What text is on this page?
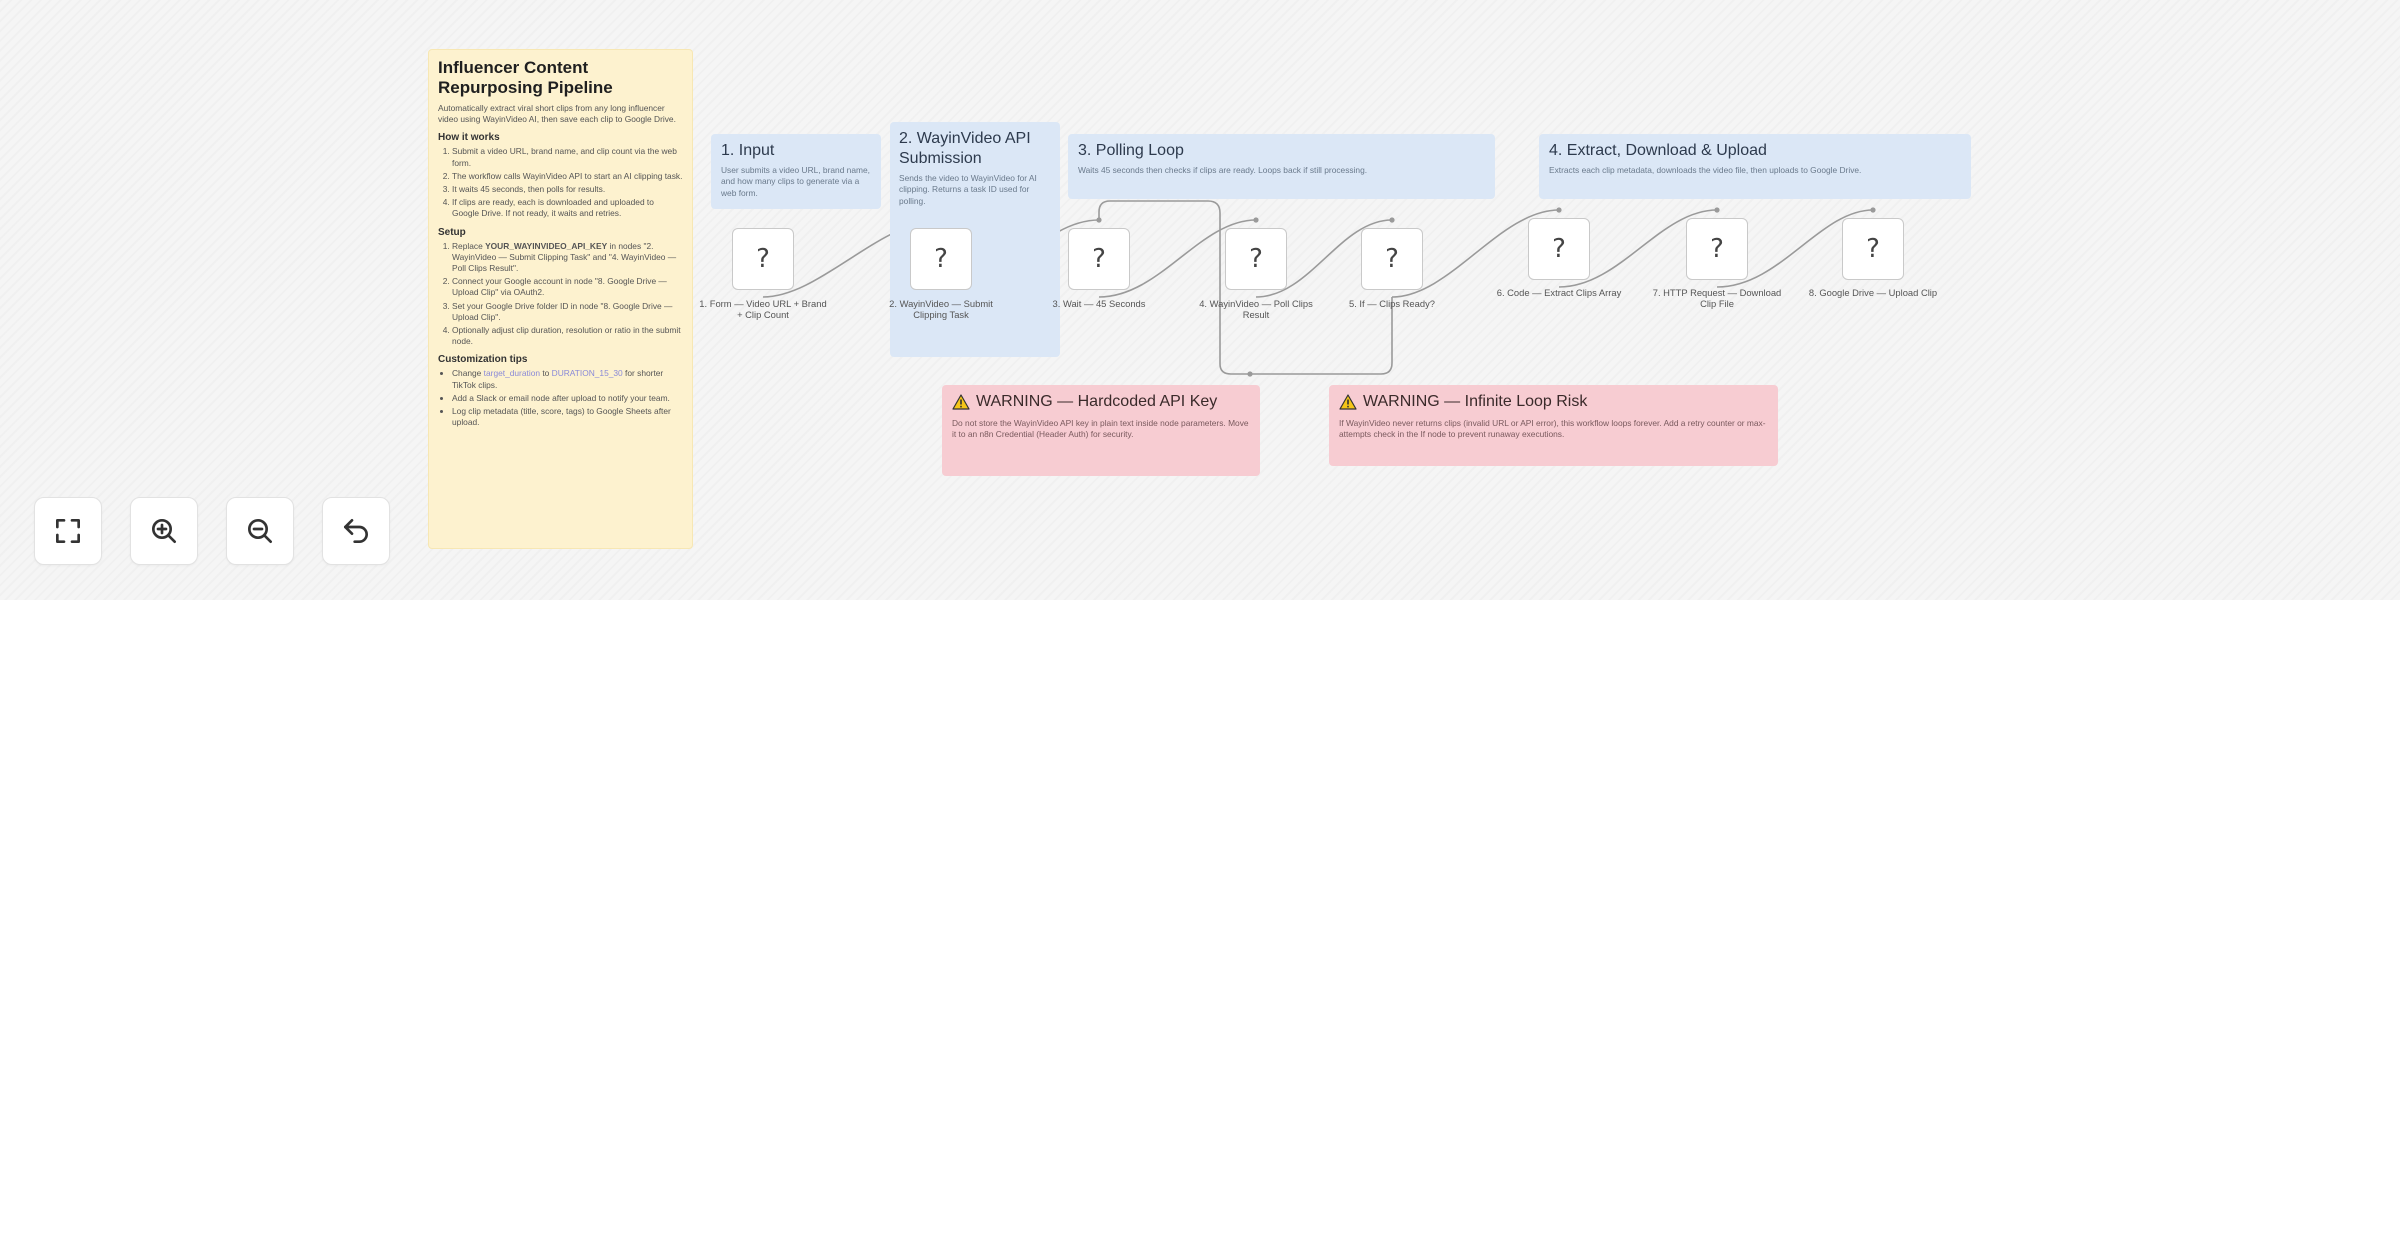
Influencer Content Repurposing Pipeline

Automatically extract viral short clips from any long influencer video using WayinVideo AI, then save each clip to Google Drive.

How it works
1. Submit a video URL, brand name, and clip count via the web form.
2. The workflow calls WayinVideo API to start an AI clipping task.
3. It waits 45 seconds, then polls for results.
4. If clips are ready, each is downloaded and uploaded to Google Drive. If not ready, it waits and retries.
Setup
1. Replace YOUR_WAYINVIDEO_API_KEY in nodes "2. WayinVideo — Submit Clipping Task" and "4. WayinVideo — Poll Clips Result".
2. Connect your Google account in node "8. Google Drive — Upload Clip" via OAuth2.
3. Set your Google Drive folder ID in node "8. Google Drive — Upload Clip".
4. Optionally adjust clip duration, resolution or ratio in the submit node.
Customization tips
• Change target_duration to DURATION_15_30 for shorter TikTok clips.
• Add a Slack or email node after upload to notify your team.
• Log clip metadata (title, score, tags) to Google Sheets after upload.
1. Input

User submits a video URL, brand name, and how many clips to generate via a web form.

2. WayinVideo API Submission

Sends the video to WayinVideo for AI clipping. Returns a task ID used for polling.

3. Polling Loop

Waits 45 seconds then checks if clips are ready. Loops back if still processing.

4. Extract, Download & Upload

Extracts each clip metadata, downloads the video file, then uploads to Google Drive.

WARNING — Hardcoded API Key

Do not store the WayinVideo API key in plain text inside node parameters. Move it to an n8n Credential (Header Auth) for security.

WARNING — Infinite Loop Risk

If WayinVideo never returns clips (invalid URL or API error), this workflow loops forever. Add a retry counter or max-attempts check in the If node to prevent runaway executions.

?
1. Form — Video URL + Brand + Clip Count
?
2. WayinVideo — Submit Clipping Task
?
3. Wait — 45 Seconds
?
4. WayinVideo — Poll Clips Result
?
5. If — Clips Ready?
?
6. Code — Extract Clips Array
?
7. HTTP Request — Download Clip File
?
8. Google Drive — Upload Clip
